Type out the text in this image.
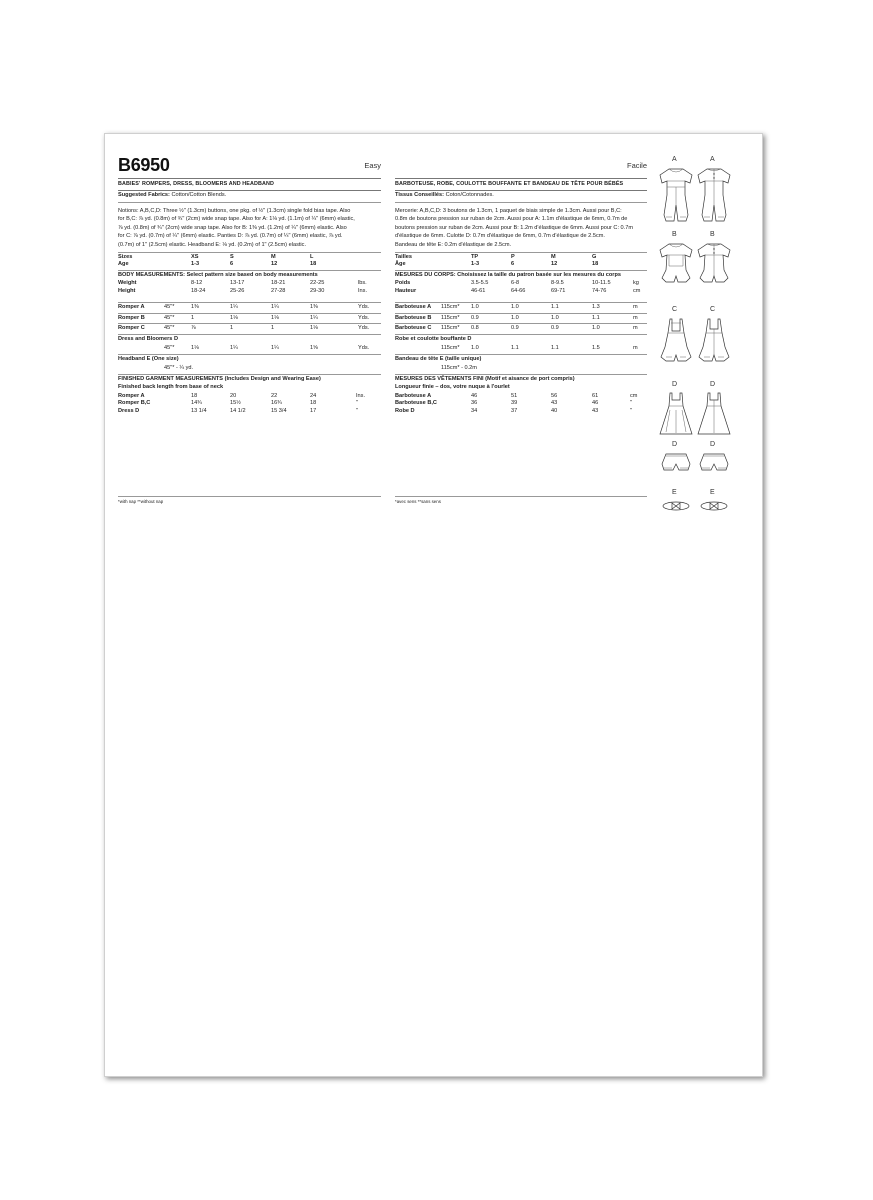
B6950	Easy
BABIES' ROMPERS, DRESS, BLOOMERS AND HEADBAND
Suggested Fabrics: Cotton/Cotton Blends.
Notions: A,B,C,D: Three ½" (1.3cm) buttons, one pkg. of ½" (1.3cm) single fold bias tape. Also
for B,C: ⅞ yd. (0.8m) of ¾" (2cm) wide snap tape. Also for A: 1⅛ yd. (1.1m) of ¼" (6mm) elastic,
⅞ yd. (0.8m) of ¾" (2cm) wide snap tape. Also for B: 1⅜ yd. (1.2m) of ¼" (6mm) elastic. Also
for C: ⅞ yd. (0.7m) of ¼" (6mm) elastic. Panties D: ⅞ yd. (0.7m) of ¼" (6mm) elastic, ⅞ yd.
(0.7m) of 1" (2.5cm) elastic. Headband E: ⅛ yd. (0.2m) of 1" (2.5cm) elastic.
Sizes	XS	S	M	L
Age	1-3	6	12	18
BODY MEASUREMENTS: Select pattern size based on body measurements
Weight	8-12	13-17	18-21	22-25	lbs.
Height	18-24	25-26	27-28	29-30	Ins.
Romper A	45"*	1⅜	1¼	1¼	1⅜	Yds.
Romper B	45"*	1	1⅛	1⅛	1¼	Yds.
Romper C	45"*	⅞	1	1	1⅛	Yds.
Dress and Bloomers D
45"*	1⅛	1¼	1¼	1⅝	Yds.
Headband E (One size)
45"* - ¼ yd.
FINISHED GARMENT MEASUREMENTS (Includes Design and Wearing Ease)
Finished back length from base of neck
Romper A	18	20	22	24	Ins.
Romper B,C	14¾	15½	16¾	18	"
Dress D	13 1/4	14 1/2	15 3/4	17	"
Facile
BARBOTEUSE, ROBE, COULOTTE BOUFFANTE ET BANDEAU DE TÊTE POUR BÉBÉS
Tissus Conseillés: Coton/Cotonnades.
Mercerie: A,B,C,D: 3 boutons de 1.3cm, 1 paquet de biais simple de 1.3cm. Aussi pour B,C:
0.8m de boutons pression sur ruban de 2cm. Aussi pour A: 1.1m d'élastique de 6mm, 0.7m de
boutons pression sur ruban de 2cm. Aussi pour B: 1.2m d'élastique de 6mm. Aussi pour C: 0.7m
d'élastique de 6mm. Culotte D: 0.7m d'élastique de 6mm, 0.7m d'élastique de 2.5cm.
Bandeau de tête E: 0.2m d'élastique de 2.5cm.
Tailles	TP	P	M	G
Âge	1-3	6	12	18
MESURES DU CORPS: Choisissez la taille du patron basée sur les mesures du corps
Poids	3.5-5.5	6-8	8-9.5	10-11.5	kg
Hauteur	46-61	64-66	69-71	74-76	cm
Barboteuse A 115cm* 1.0	1.0	1.1	1.3	m
Barboteuse B 115cm* 0.9	1.0	1.0	1.1	m
Barboteuse C 115cm* 0.8	0.9	0.9	1.0	m
Robe et coulotte bouffante D
115cm* 1.0	1.1	1.1	1.5	m
Bandeau de tête E (taille unique)
115cm* - 0.2m
MESURES DES VÊTEMENTS FINI (Motif et aisance de port compris)
Longueur finie – dos, votre nuque à l'ourlet
Barboteuse A	46	51	56	61	cm
Barboteuse B,C	36	39	43	46	"
Robe D	34	37	40	43	"
*with nap **without nap	*avec sens **sans sens
A	A
B	B
C	C
D	D
D	D
E	E
